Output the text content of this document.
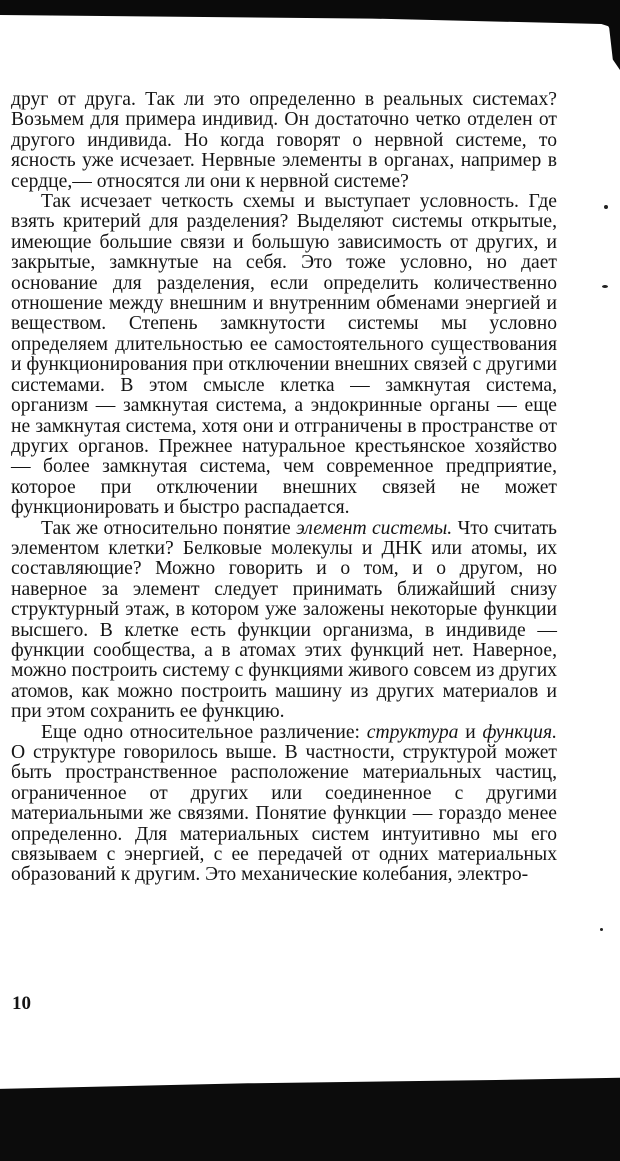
друг от друга. Так ли это определенно в реальных системах? Возьмем для примера индивид. Он достаточно четко отделен от другого индивида. Но когда говорят о нервной системе, то ясность уже исчезает. Нервные элементы в органах, например в сердце,— относятся ли они к нервной системе?

Так исчезает четкость схемы и выступает условность. Где взять критерий для разделения? Выделяют системы открытые, имеющие большие связи и большую зависимость от других, и закрытые, замкнутые на себя. Это тоже условно, но дает основание для разделения, если определить количественно отношение между внешним и внутренним обменами энергией и веществом. Степень замкнутости системы мы условно определяем длительностью ее самостоятельного существования и функционирования при отключении внешних связей с другими системами. В этом смысле клетка — замкнутая система, организм — замкнутая система, а эндокринные органы — еще не замкнутая система, хотя они и отграничены в пространстве от других органов. Прежнее натуральное крестьянское хозяйство — более замкнутая система, чем современное предприятие, которое при отключении внешних связей не может функционировать и быстро распадается.

Так же относительно понятие элемент системы. Что считать элементом клетки? Белковые молекулы и ДНК или атомы, их составляющие? Можно говорить и о том, и о другом, но наверное за элемент следует принимать ближайший снизу структурный этаж, в котором уже заложены некоторые функции высшего. В клетке есть функции организма, в индивиде — функции сообщества, а в атомах этих функций нет. Наверное, можно построить систему с функциями живого совсем из других атомов, как можно построить машину из других материалов и при этом сохранить ее функцию.

Еще одно относительное различение: структура и функция. О структуре говорилось выше. В частности, структурой может быть пространственное расположение материальных частиц, ограниченное от других или соединенное с другими материальными же связями. Понятие функции — гораздо менее определенно. Для материальных систем интуитивно мы его связываем с энергией, с ее передачей от одних материальных образований к другим. Это механические колебания, электро-

10
